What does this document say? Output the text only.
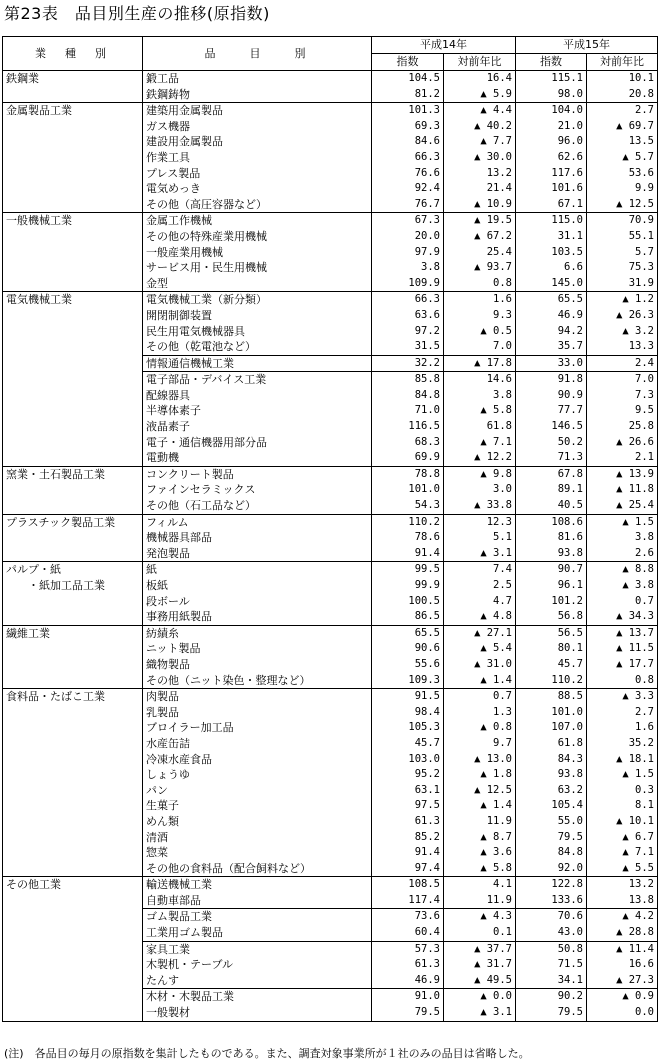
第23表　品目別生産の推移(原指数)
業　種　別	品　　目　　別	平成14年		平成15年	
		指数	対前年比	指数	対前年比
鉄鋼業	鍛工品	104.5	16.4	115.1	10.1
	鉄鋼鋳物	81.2	▲ 5.9	98.0	20.8
金属製品工業	建築用金属製品	101.3	▲ 4.4	104.0	2.7
	ガス機器	69.3	▲ 40.2	21.0	▲ 69.7
	建設用金属製品	84.6	▲ 7.7	96.0	13.5
	作業工具	66.3	▲ 30.0	62.6	▲ 5.7
	プレス製品	76.6	13.2	117.6	53.6
	電気めっき	92.4	21.4	101.6	9.9
	その他（高圧容器など）	76.7	▲ 10.9	67.1	▲ 12.5
一般機械工業	金属工作機械	67.3	▲ 19.5	115.0	70.9
	その他の特殊産業用機械	20.0	▲ 67.2	31.1	55.1
	一般産業用機械	97.9	25.4	103.5	5.7
	サービス用・民生用機械	3.8	▲ 93.7	6.6	75.3
	金型	109.9	0.8	145.0	31.9
電気機械工業	電気機械工業（新分類）	66.3	1.6	65.5	▲ 1.2
	開閉制御装置	63.6	9.3	46.9	▲ 26.3
	民生用電気機械器具	97.2	▲ 0.5	94.2	▲ 3.2
	その他（乾電池など）	31.5	7.0	35.7	13.3
	情報通信機械工業	32.2	▲ 17.8	33.0	2.4
	電子部品・デバイス工業	85.8	14.6	91.8	7.0
	配線器具	84.8	3.8	90.9	7.3
	半導体素子	71.0	▲ 5.8	77.7	9.5
	液晶素子	116.5	61.8	146.5	25.8
	電子・通信機器用部分品	68.3	▲ 7.1	50.2	▲ 26.6
	電動機	69.9	▲ 12.2	71.3	2.1
窯業・土石製品工業	コンクリート製品	78.8	▲ 9.8	67.8	▲ 13.9
	ファインセラミックス	101.0	3.0	89.1	▲ 11.8
	その他（石工品など）	54.3	▲ 33.8	40.5	▲ 25.4
プラスチック製品工業	フィルム	110.2	12.3	108.6	▲ 1.5
	機械器具部品	78.6	5.1	81.6	3.8
	発泡製品	91.4	▲ 3.1	93.8	2.6
パルプ・紙	紙	99.5	7.4	90.7	▲ 8.8
　　・紙加工品工業	板紙	99.9	2.5	96.1	▲ 3.8
	段ボール	100.5	4.7	101.2	0.7
	事務用紙製品	86.5	▲ 4.8	56.8	▲ 34.3
繊維工業	紡績糸	65.5	▲ 27.1	56.5	▲ 13.7
	ニット製品	90.6	▲ 5.4	80.1	▲ 11.5
	織物製品	55.6	▲ 31.0	45.7	▲ 17.7
	その他（ニット染色・整理など）	109.3	▲ 1.4	110.2	0.8
食料品・たばこ工業	肉製品	91.5	0.7	88.5	▲ 3.3
	乳製品	98.4	1.3	101.0	2.7
	ブロイラー加工品	105.3	▲ 0.8	107.0	1.6
	水産缶詰	45.7	9.7	61.8	35.2
	冷凍水産食品	103.0	▲ 13.0	84.3	▲ 18.1
	しょうゆ	95.2	▲ 1.8	93.8	▲ 1.5
	パン	63.1	▲ 12.5	63.2	0.3
	生菓子	97.5	▲ 1.4	105.4	8.1
	めん類	61.3	11.9	55.0	▲ 10.1
	清酒	85.2	▲ 8.7	79.5	▲ 6.7
	惣菜	91.4	▲ 3.6	84.8	▲ 7.1
	その他の食料品（配合飼料など）	97.4	▲ 5.8	92.0	▲ 5.5
その他工業	輸送機械工業	108.5	4.1	122.8	13.2
	自動車部品	117.4	11.9	133.6	13.8
	ゴム製品工業	73.6	▲ 4.3	70.6	▲ 4.2
	工業用ゴム製品	60.4	0.1	43.0	▲ 28.8
	家具工業	57.3	▲ 37.7	50.8	▲ 11.4
	木製机・テーブル	61.3	▲ 31.7	71.5	16.6
	たんす	46.9	▲ 49.5	34.1	▲ 27.3
	木材・木製品工業	91.0	▲ 0.0	90.2	▲ 0.9
	一般製材	79.5	▲ 3.1	79.5	0.0
(注)　各品目の毎月の原指数を集計したものである。また、調査対象事業所が１社のみの品目は省略した。
